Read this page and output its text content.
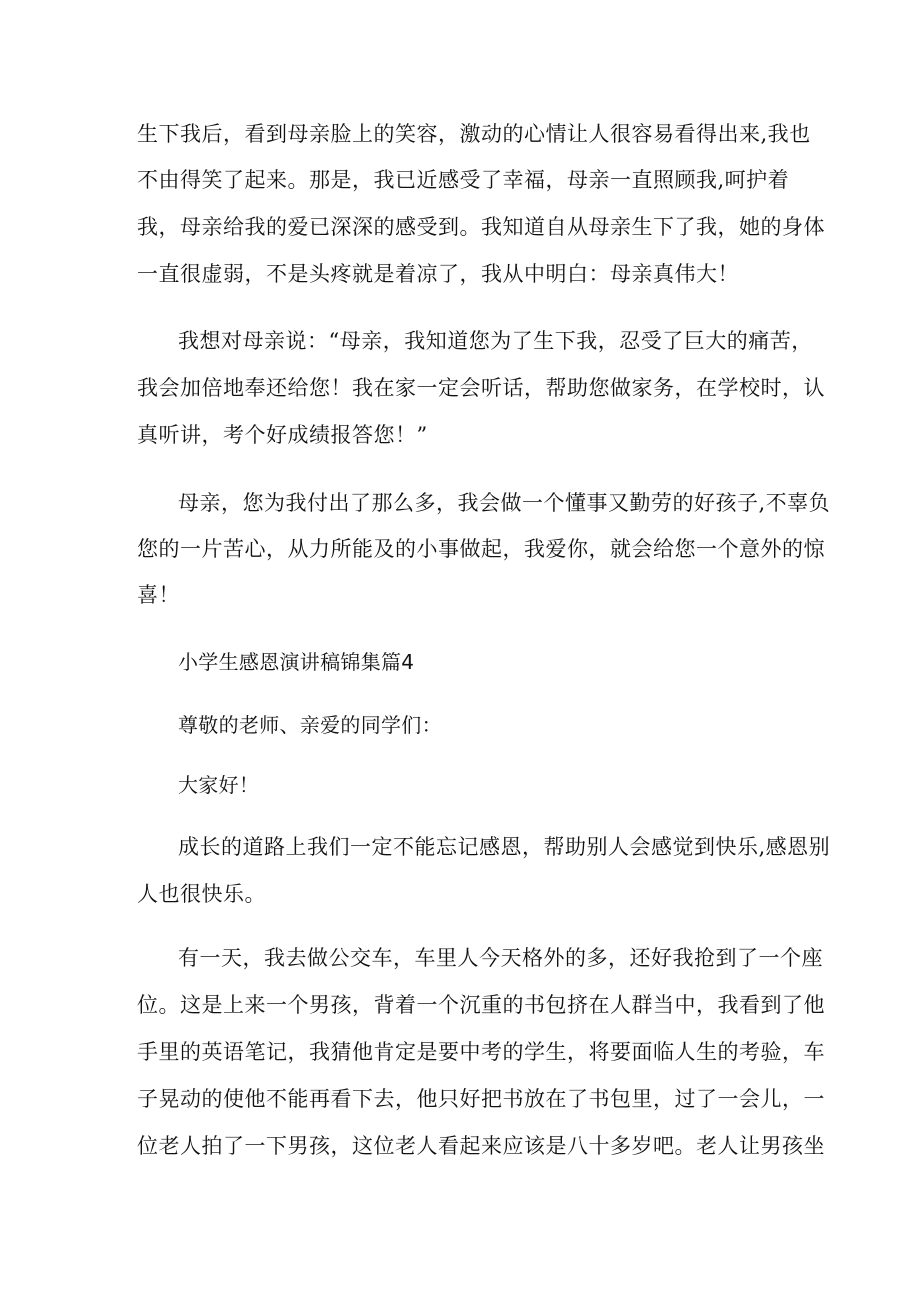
生下我后，看到母亲脸上的笑容，激动的心情让人很容易看得出来,我也
不由得笑了起来。那是，我已近感受了幸福，母亲一直照顾我,呵护着
我，母亲给我的爱已深深的感受到。我知道自从母亲生下了我，她的身体
一直很虚弱，不是头疼就是着凉了，我从中明白：母亲真伟大！
我想对母亲说：“母亲，我知道您为了生下我，忍受了巨大的痛苦，
我会加倍地奉还给您！我在家一定会听话，帮助您做家务，在学校时，认
真听讲，考个好成绩报答您！”
母亲，您为我付出了那么多，我会做一个懂事又勤劳的好孩子,不辜负
您的一片苦心，从力所能及的小事做起，我爱你，就会给您一个意外的惊
喜！
小学生感恩演讲稿锦集篇4
尊敬的老师、亲爱的同学们：
大家好！
成长的道路上我们一定不能忘记感恩，帮助别人会感觉到快乐,感恩别
人也很快乐。
有一天，我去做公交车，车里人今天格外的多，还好我抢到了一个座
位。这是上来一个男孩，背着一个沉重的书包挤在人群当中，我看到了他
手里的英语笔记，我猜他肯定是要中考的学生，将要面临人生的考验，车
子晃动的使他不能再看下去，他只好把书放在了书包里，过了一会儿，一
位老人拍了一下男孩，这位老人看起来应该是八十多岁吧。老人让男孩坐
